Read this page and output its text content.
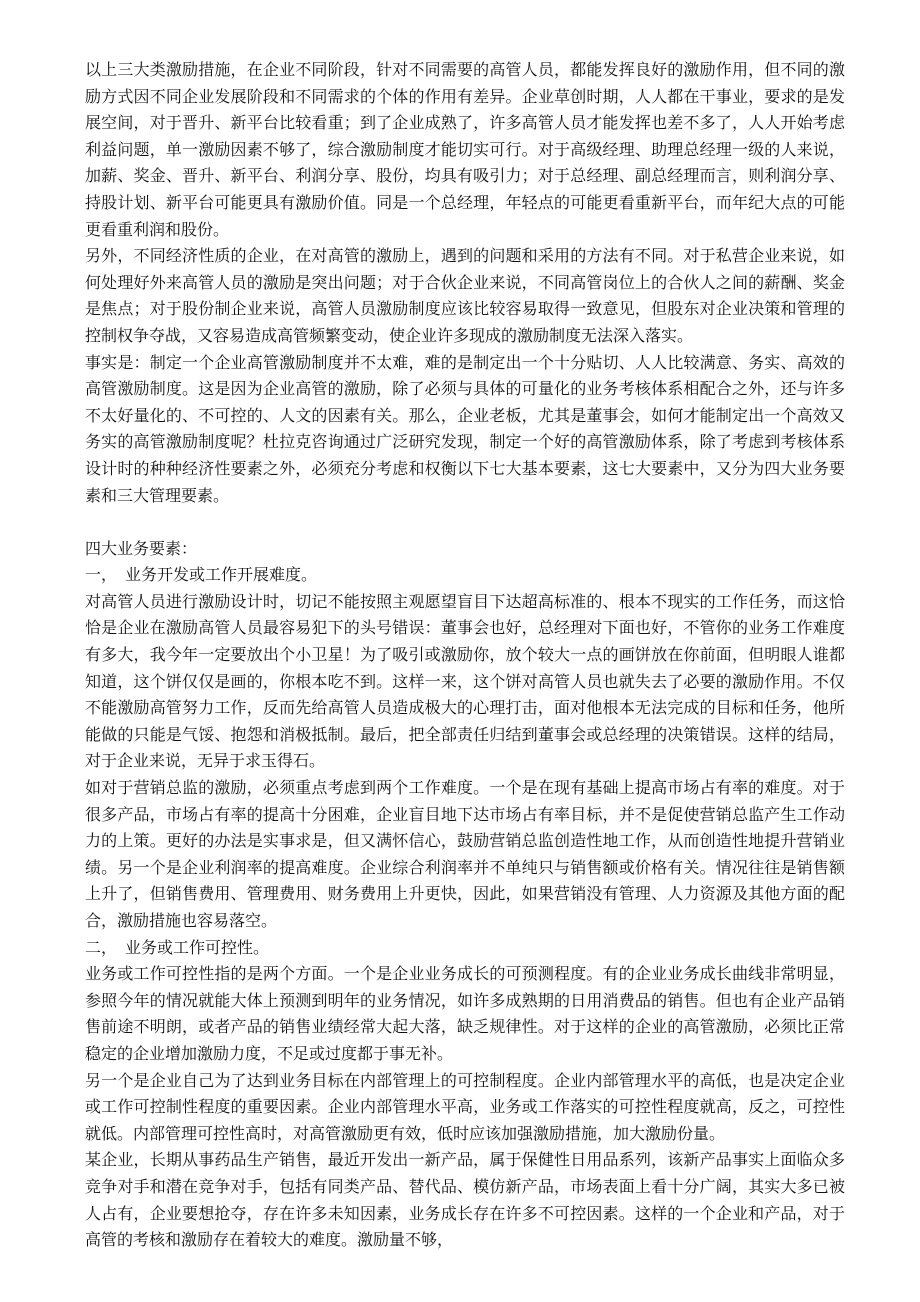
以上三大类激励措施，在企业不同阶段，针对不同需要的高管人员，都能发挥良好的激励作用，但不同的激励方式因不同企业发展阶段和不同需求的个体的作用有差异。企业草创时期，人人都在干事业，要求的是发展空间，对于晋升、新平台比较看重；到了企业成熟了，许多高管人员才能发挥也差不多了，人人开始考虑利益问题，单一激励因素不够了，综合激励制度才能切实可行。对于高级经理、助理总经理一级的人来说，加薪、奖金、晋升、新平台、利润分享、股份，均具有吸引力；对于总经理、副总经理而言，则利润分享、持股计划、新平台可能更具有激励价值。同是一个总经理，年轻点的可能更看重新平台，而年纪大点的可能更看重利润和股份。

另外，不同经济性质的企业，在对高管的激励上，遇到的问题和采用的方法有不同。对于私营企业来说，如何处理好外来高管人员的激励是突出问题；对于合伙企业来说，不同高管岗位上的合伙人之间的薪酬、奖金是焦点；对于股份制企业来说，高管人员激励制度应该比较容易取得一致意见，但股东对企业决策和管理的控制权争夺战，又容易造成高管频繁变动，使企业许多现成的激励制度无法深入落实。

事实是：制定一个企业高管激励制度并不太难，难的是制定出一个十分贴切、人人比较满意、务实、高效的高管激励制度。这是因为企业高管的激励，除了必须与具体的可量化的业务考核体系相配合之外，还与许多不太好量化的、不可控的、人文的因素有关。那么，企业老板，尤其是董事会，如何才能制定出一个高效又务实的高管激励制度呢？杜拉克咨询通过广泛研究发现，制定一个好的高管激励体系，除了考虑到考核体系设计时的种种经济性要素之外，必须充分考虑和权衡以下七大基本要素，这七大要素中，又分为四大业务要素和三大管理要素。

四大业务要素：

一，　业务开发或工作开展难度。

对高管人员进行激励设计时，切记不能按照主观愿望盲目下达超高标准的、根本不现实的工作任务，而这恰恰是企业在激励高管人员最容易犯下的头号错误：董事会也好，总经理对下面也好，不管你的业务工作难度有多大，我今年一定要放出个小卫星！为了吸引或激励你，放个较大一点的画饼放在你前面，但明眼人谁都知道，这个饼仅仅是画的，你根本吃不到。这样一来，这个饼对高管人员也就失去了必要的激励作用。不仅不能激励高管努力工作，反而先给高管人员造成极大的心理打击，面对他根本无法完成的目标和任务，他所能做的只能是气馁、抱怨和消极抵制。最后，把全部责任归结到董事会或总经理的决策错误。这样的结局，对于企业来说，无异于求玉得石。

如对于营销总监的激励，必须重点考虑到两个工作难度。一个是在现有基础上提高市场占有率的难度。对于很多产品，市场占有率的提高十分困难，企业盲目地下达市场占有率目标，并不是促使营销总监产生工作动力的上策。更好的办法是实事求是，但又满怀信心，鼓励营销总监创造性地工作，从而创造性地提升营销业绩。另一个是企业利润率的提高难度。企业综合利润率并不单纯只与销售额或价格有关。情况往往是销售额上升了，但销售费用、管理费用、财务费用上升更快，因此，如果营销没有管理、人力资源及其他方面的配合，激励措施也容易落空。

二，　业务或工作可控性。

业务或工作可控性指的是两个方面。一个是企业业务成长的可预测程度。有的企业业务成长曲线非常明显，参照今年的情况就能大体上预测到明年的业务情况，如许多成熟期的日用消费品的销售。但也有企业产品销售前途不明朗，或者产品的销售业绩经常大起大落，缺乏规律性。对于这样的企业的高管激励，必须比正常稳定的企业增加激励力度，不足或过度都于事无补。

另一个是企业自己为了达到业务目标在内部管理上的可控制程度。企业内部管理水平的高低，也是决定企业或工作可控制性程度的重要因素。企业内部管理水平高，业务或工作落实的可控性程度就高，反之，可控性就低。内部管理可控性高时，对高管激励更有效，低时应该加强激励措施，加大激励份量。

某企业，长期从事药品生产销售，最近开发出一新产品，属于保健性日用品系列，该新产品事实上面临众多竞争对手和潜在竞争对手，包括有同类产品、替代品、模仿新产品，市场表面上看十分广阔，其实大多已被人占有，企业要想抢夺，存在许多未知因素，业务成长存在许多不可控因素。这样的一个企业和产品，对于高管的考核和激励存在着较大的难度。激励量不够，
